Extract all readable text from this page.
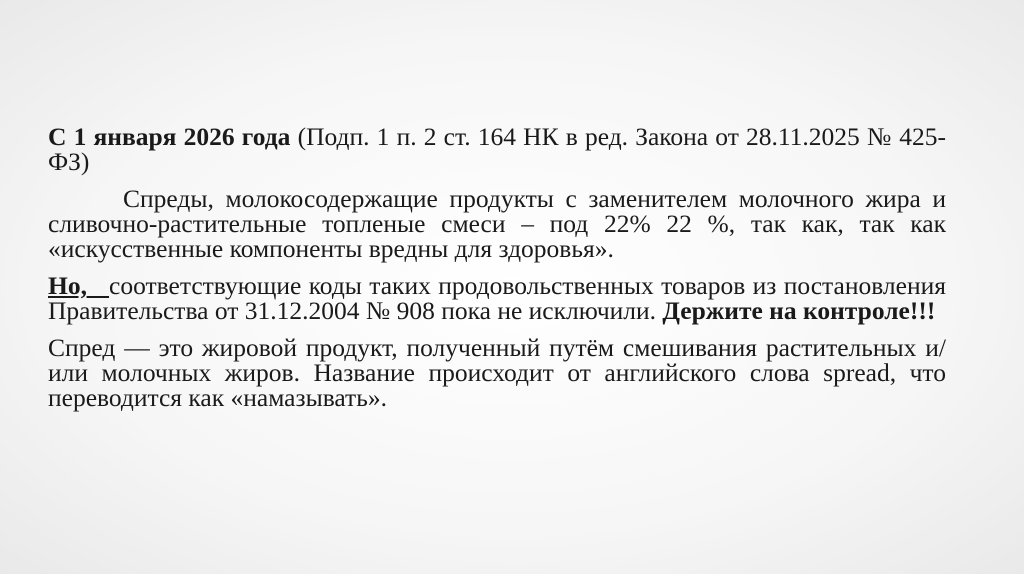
С 1 января 2026 года (Подп. 1 п. 2 ст. 164 НК в ред. Закона от 28.11.2025 № 425-ФЗ)

Спреды, молокосодержащие продукты с заменителем молочного жира и сливочно-растительные топленые смеси – под 22% 22 %, так как, так как «искусственные компоненты вредны для здоровья».

Но, соответствующие коды таких продовольственных товаров из постановления Правительства от 31.12.2004 № 908 пока не исключили. Держите на контроле!!!

Спред — это жировой продукт, полученный путём смешивания растительных и/или молочных жиров. Название происходит от английского слова spread, что переводится как «намазывать».
